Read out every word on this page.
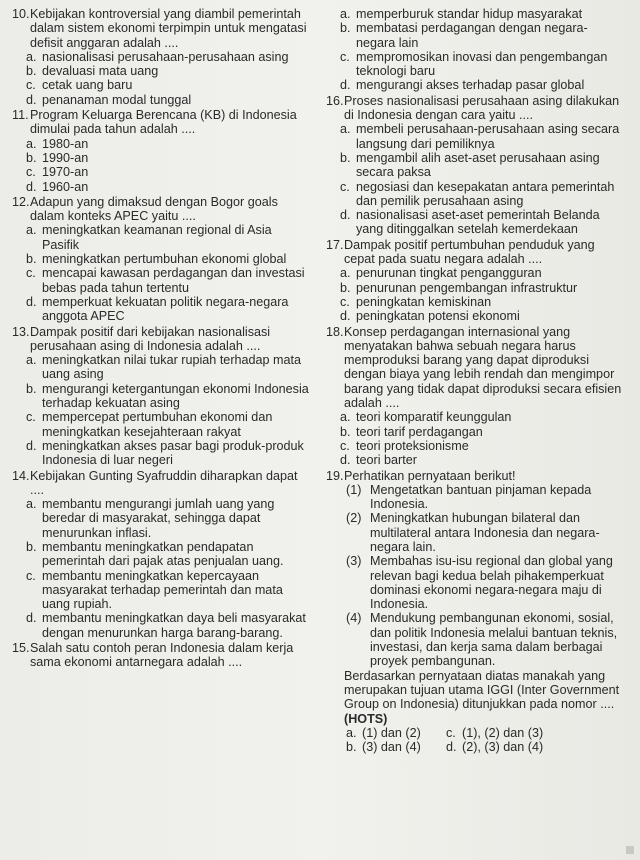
10. Kebijakan kontroversial yang diambil pemerintah dalam sistem ekonomi terpimpin untuk mengatasi defisit anggaran adalah ....
a. nasionalisasi perusahaan-perusahaan asing
b. devaluasi mata uang
c. cetak uang baru
d. penanaman modal tunggal
11. Program Keluarga Berencana (KB) di Indonesia dimulai pada tahun adalah ....
a. 1980-an
b. 1990-an
c. 1970-an
d. 1960-an
12. Adapun yang dimaksud dengan Bogor goals dalam konteks APEC yaitu ....
a. meningkatkan keamanan regional di Asia Pasifik
b. meningkatkan pertumbuhan ekonomi global
c. mencapai kawasan perdagangan dan investasi bebas pada tahun tertentu
d. memperkuat kekuatan politik negara-negara anggota APEC
13. Dampak positif dari kebijakan nasionalisasi perusahaan asing di Indonesia adalah ....
a. meningkatkan nilai tukar rupiah terhadap mata uang asing
b. mengurangi ketergantungan ekonomi Indonesia terhadap kekuatan asing
c. mempercepat pertumbuhan ekonomi dan meningkatkan kesejahteraan rakyat
d. meningkatkan akses pasar bagi produk-produk Indonesia di luar negeri
14. Kebijakan Gunting Syafruddin diharapkan dapat ....
a. membantu mengurangi jumlah uang yang beredar di masyarakat, sehingga dapat menurunkan inflasi.
b. membantu meningkatkan pendapatan pemerintah dari pajak atas penjualan uang.
c. membantu meningkatkan kepercayaan masyarakat terhadap pemerintah dan mata uang rupiah.
d. membantu meningkatkan daya beli masyarakat dengan menurunkan harga barang-barang.
15. Salah satu contoh peran Indonesia dalam kerja sama ekonomi antarnegara adalah ....
a. memperburuk standar hidup masyarakat
b. membatasi perdagangan dengan negara-negara lain
c. mempromosikan inovasi dan pengembangan teknologi baru
d. mengurangi akses terhadap pasar global
16. Proses nasionalisasi perusahaan asing dilakukan di Indonesia dengan cara yaitu ....
a. membeli perusahaan-perusahaan asing secara langsung dari pemiliknya
b. mengambil alih aset-aset perusahaan asing secara paksa
c. negosiasi dan kesepakatan antara pemerintah dan pemilik perusahaan asing
d. nasionalisasi aset-aset pemerintah Belanda yang ditinggalkan setelah kemerdekaan
17. Dampak positif pertumbuhan penduduk yang cepat pada suatu negara adalah ....
a. penurunan tingkat pengangguran
b. penurunan pengembangan infrastruktur
c. peningkatan kemiskinan
d. peningkatan potensi ekonomi
18. Konsep perdagangan internasional yang menyatakan bahwa sebuah negara harus memproduksi barang yang dapat diproduksi dengan biaya yang lebih rendah dan mengimpor barang yang tidak dapat diproduksi secara efisien adalah ....
a. teori komparatif keunggulan
b. teori tarif perdagangan
c. teori proteksionisme
d. teori barter
19. Perhatikan pernyataan berikut!
(1) Mengetatkan bantuan pinjaman kepada Indonesia.
(2) Meningkatkan hubungan bilateral dan multilateral antara Indonesia dan negara-negara lain.
(3) Membahas isu-isu regional dan global yang relevan bagi kedua belah pihakemperkuat dominasi ekonomi negara-negara maju di Indonesia.
(4) Mendukung pembangunan ekonomi, sosial, dan politik Indonesia melalui bantuan teknis, investasi, dan kerja sama dalam berbagai proyek pembangunan.
Berdasarkan pernyataan diatas manakah yang merupakan tujuan utama IGGI (Inter Government Group on Indonesia) ditunjukkan pada nomor .... (HOTS)
a. (1) dan (2)	c. (1), (2) dan (3)
b. (3) dan (4)	d. (2), (3) dan (4)
